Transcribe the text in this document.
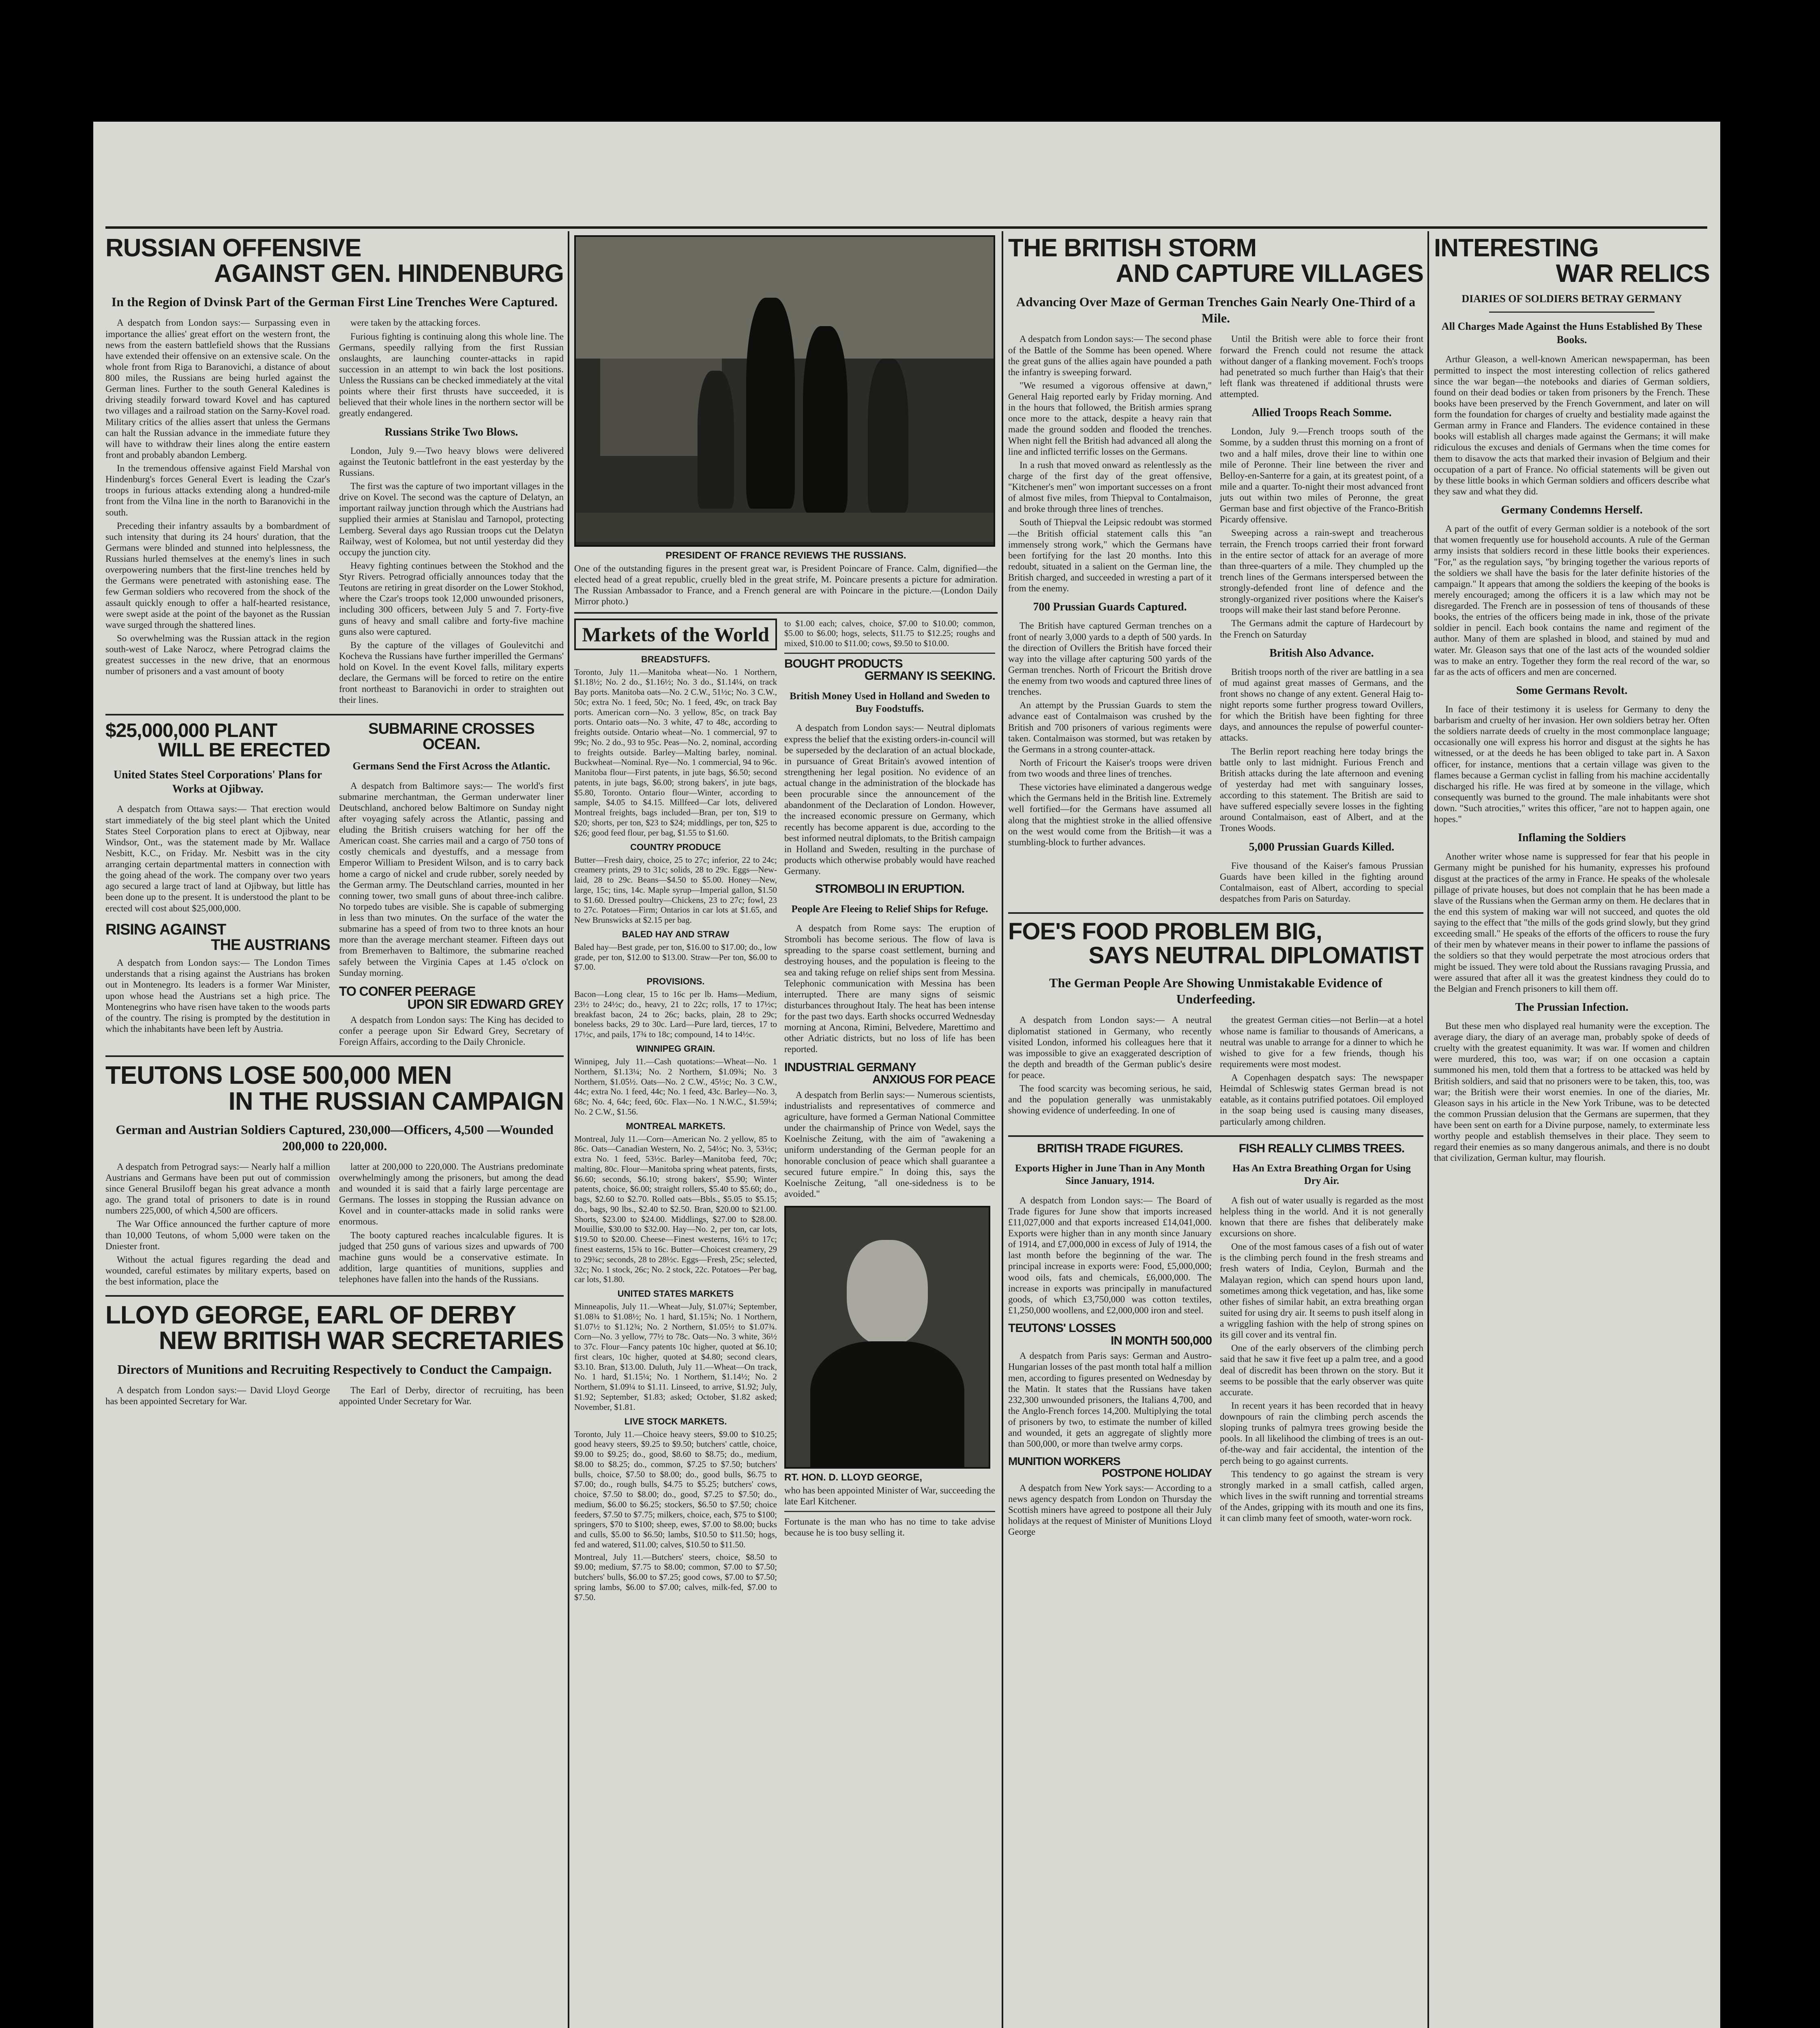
RUSSIAN OFFENSIVE
AGAINST GEN. HINDENBURG
In the Region of Dvinsk Part of the German First Line Trenches Were Captured.

A despatch from London says:— Surpassing even in importance the allies' great effort on the western front, the news from the eastern battlefield shows that the Russians have extended their offensive on an extensive scale. On the whole front from Riga to Baranovichi, a distance of about 800 miles, the Russians are being hurled against the German lines. Further to the south General Kaledines is driving steadily forward toward Kovel and has captured two villages and a railroad station on the Sarny-Kovel road. Military critics of the allies assert that unless the Germans can halt the Russian advance in the immediate future they will have to withdraw their lines along the entire eastern front and probably abandon Lemberg.

In the tremendous offensive against Field Marshal von Hindenburg's forces General Evert is leading the Czar's troops in furious attacks extending along a hundred-mile front from the Vilna line in the north to Baranovichi in the south.

Preceding their infantry assaults by a bombardment of such intensity that during its 24 hours' duration, that the Germans were blinded and stunned into helplessness, the Russians hurled themselves at the enemy's lines in such overpowering numbers that the first-line trenches held by the Germans were penetrated with astonishing ease. The few German soldiers who recovered from the shock of the assault quickly enough to offer a half-hearted resistance, were swept aside at the point of the bayonet as the Russian wave surged through the shattered lines.

So overwhelming was the Russian attack in the region south-west of Lake Narocz, where Petrograd claims the greatest successes in the new drive, that an enormous number of prisoners and a vast amount of booty

were taken by the attacking forces.

Furious fighting is continuing along this whole line. The Germans, speedily rallying from the first Russian onslaughts, are launching counter-attacks in rapid succession in an attempt to win back the lost positions. Unless the Russians can be checked immediately at the vital points where their first thrusts have succeeded, it is believed that their whole lines in the northern sector will be greatly endangered.

Russians Strike Two Blows.

London, July 9.—Two heavy blows were delivered against the Teutonic battlefront in the east yesterday by the Russians.

The first was the capture of two important villages in the drive on Kovel. The second was the capture of Delatyn, an important railway junction through which the Austrians had supplied their armies at Stanislau and Tarnopol, protecting Lemberg. Several days ago Russian troops cut the Delatyn Railway, west of Kolomea, but not until yesterday did they occupy the junction city.

Heavy fighting continues between the Stokhod and the Styr Rivers. Petrograd officially announces today that the Teutons are retiring in great disorder on the Lower Stokhod, where the Czar's troops took 12,000 unwounded prisoners, including 300 officers, between July 5 and 7. Forty-five guns of heavy and small calibre and forty-five machine guns also were captured.

By the capture of the villages of Goulevitchi and Kocheva the Russians have further imperilled the Germans' hold on Kovel. In the event Kovel falls, military experts declare, the Germans will be forced to retire on the entire front northeast to Baranovichi in order to straighten out their lines.

$25,000,000 PLANT
WILL BE ERECTED
United States Steel Corporations' Plans for Works at Ojibway.

A despatch from Ottawa says:— That erection would start immediately of the big steel plant which the United States Steel Corporation plans to erect at Ojibway, near Windsor, Ont., was the statement made by Mr. Wallace Nesbitt, K.C., on Friday. Mr. Nesbitt was in the city arranging certain departmental matters in connection with the going ahead of the work. The company over two years ago secured a large tract of land at Ojibway, but little has been done up to the present. It is understood the plant to be erected will cost about $25,000,000.

RISING AGAINST
THE AUSTRIANS

A despatch from London says:— The London Times understands that a rising against the Austrians has broken out in Montenegro. Its leaders is a former War Minister, upon whose head the Austrians set a high price. The Montenegrins who have risen have taken to the woods parts of the country. The rising is prompted by the destitution in which the inhabitants have been left by Austria.

SUBMARINE CROSSES OCEAN.
Germans Send the First Across the Atlantic.

A despatch from Baltimore says:— The world's first submarine merchantman, the German underwater liner Deutschland, anchored below Baltimore on Sunday night after voyaging safely across the Atlantic, passing and eluding the British cruisers watching for her off the American coast. She carries mail and a cargo of 750 tons of costly chemicals and dyestuffs, and a message from Emperor William to President Wilson, and is to carry back home a cargo of nickel and crude rubber, sorely needed by the German army. The Deutschland carries, mounted in her conning tower, two small guns of about three-inch calibre. No torpedo tubes are visible. She is capable of submerging in less than two minutes. On the surface of the water the submarine has a speed of from two to three knots an hour more than the average merchant steamer. Fifteen days out from Bremerhaven to Baltimore, the submarine reached safely between the Virginia Capes at 1.45 o'clock on Sunday morning.

TO CONFER PEERAGE
UPON SIR EDWARD GREY

A despatch from London says: The King has decided to confer a peerage upon Sir Edward Grey, Secretary of Foreign Affairs, according to the Daily Chronicle.

TEUTONS LOSE 500,000 MEN
IN THE RUSSIAN CAMPAIGN
German and Austrian Soldiers Captured, 230,000—Officers, 4,500 —Wounded 200,000 to 220,000.

A despatch from Petrograd says:— Nearly half a million Austrians and Germans have been put out of commission since General Brusiloff began his great advance a month ago. The grand total of prisoners to date is in round numbers 225,000, of which 4,500 are officers.

The War Office announced the further capture of more than 10,000 Teutons, of whom 5,000 were taken on the Dniester front.

Without the actual figures regarding the dead and wounded, careful estimates by military experts, based on the best information, place the

latter at 200,000 to 220,000. The Austrians predominate overwhelmingly among the prisoners, but among the dead and wounded it is said that a fairly large percentage are Germans. The losses in stopping the Russian advance on Kovel and in counter-attacks made in solid ranks were enormous.

The booty captured reaches incalculable figures. It is judged that 250 guns of various sizes and upwards of 700 machine guns would be a conservative estimate. In addition, large quantities of munitions, supplies and telephones have fallen into the hands of the Russians.

LLOYD GEORGE, EARL OF DERBY
NEW BRITISH WAR SECRETARIES
Directors of Munitions and Recruiting Respectively to Conduct the Campaign.

A despatch from London says:— David Lloyd George has been appointed Secretary for War.

The Earl of Derby, director of recruiting, has been appointed Under Secretary for War.

PRESIDENT OF FRANCE REVIEWS THE RUSSIANS.
One of the outstanding figures in the present great war, is President Poincare of France. Calm, dignified—the elected head of a great republic, cruelly bled in the great strife, M. Poincare presents a picture for admiration. The Russian Ambassador to France, and a French general are with Poincare in the picture.—(London Daily Mirror photo.)
Markets of the World
BREADSTUFFS.
Toronto, July 11.—Manitoba wheat—No. 1 Northern, $1.18½; No. 2 do., $1.16½; No. 3 do., $1.14¼, on track Bay ports. Manitoba oats—No. 2 C.W., 51½c; No. 3 C.W., 50c; extra No. 1 feed, 50c; No. 1 feed, 49c, on track Bay ports. American corn—No. 3 yellow, 85c, on track Bay ports. Ontario oats—No. 3 white, 47 to 48c, according to freights outside. Ontario wheat—No. 1 commercial, 97 to 99c; No. 2 do., 93 to 95c. Peas—No. 2, nominal, according to freights outside. Barley—Malting barley, nominal. Buckwheat—Nominal. Rye—No. 1 commercial, 94 to 96c. Manitoba flour—First patents, in jute bags, $6.50; second patents, in jute bags, $6.00; strong bakers', in jute bags, $5.80, Toronto. Ontario flour—Winter, according to sample, $4.05 to $4.15. Millfeed—Car lots, delivered Montreal freights, bags included—Bran, per ton, $19 to $20; shorts, per ton, $23 to $24; middlings, per ton, $25 to $26; good feed flour, per bag, $1.55 to $1.60.
COUNTRY PRODUCE
Butter—Fresh dairy, choice, 25 to 27c; inferior, 22 to 24c; creamery prints, 29 to 31c; solids, 28 to 29c. Eggs—New-laid, 28 to 29c. Beans—$4.50 to $5.00. Honey—New, large, 15c; tins, 14c. Maple syrup—Imperial gallon, $1.50 to $1.60. Dressed poultry—Chickens, 23 to 27c; fowl, 23 to 27c. Potatoes—Firm; Ontarios in car lots at $1.65, and New Brunswicks at $2.15 per bag.
BALED HAY AND STRAW
Baled hay—Best grade, per ton, $16.00 to $17.00; do., low grade, per ton, $12.00 to $13.00. Straw—Per ton, $6.00 to $7.00.
PROVISIONS.
Bacon—Long clear, 15 to 16c per lb. Hams—Medium, 23½ to 24½c; do., heavy, 21 to 22c; rolls, 17 to 17½c; breakfast bacon, 24 to 26c; backs, plain, 28 to 29c; boneless backs, 29 to 30c. Lard—Pure lard, tierces, 17 to 17½c, and pails, 17¾ to 18c; compound, 14 to 14½c.
WINNIPEG GRAIN.
Winnipeg, July 11.—Cash quotations:—Wheat—No. 1 Northern, $1.13¼; No. 2 Northern, $1.09¾; No. 3 Northern, $1.05½. Oats—No. 2 C.W., 45½c; No. 3 C.W., 44c; extra No. 1 feed, 44c; No. 1 feed, 43c. Barley—No. 3, 68c; No. 4, 64c; feed, 60c. Flax—No. 1 N.W.C., $1.59¼; No. 2 C.W., $1.56.
MONTREAL MARKETS.
Montreal, July 11.—Corn—American No. 2 yellow, 85 to 86c. Oats—Canadian Western, No. 2, 54½c; No. 3, 53½c; extra No. 1 feed, 53½c. Barley—Manitoba feed, 70c; malting, 80c. Flour—Manitoba spring wheat patents, firsts, $6.60; seconds, $6.10; strong bakers', $5.90; Winter patents, choice, $6.00; straight rollers, $5.40 to $5.60; do., bags, $2.60 to $2.70. Rolled oats—Bbls., $5.05 to $5.15; do., bags, 90 lbs., $2.40 to $2.50. Bran, $20.00 to $21.00. Shorts, $23.00 to $24.00. Middlings, $27.00 to $28.00. Mouillie, $30.00 to $32.00. Hay—No. 2, per ton, car lots, $19.50 to $20.00. Cheese—Finest westerns, 16½ to 17c; finest easterns, 15¾ to 16c. Butter—Choicest creamery, 29 to 29¾c; seconds, 28 to 28½c. Eggs—Fresh, 25c; selected, 32c; No. 1 stock, 26c; No. 2 stock, 22c. Potatoes—Per bag, car lots, $1.80.
UNITED STATES MARKETS
Minneapolis, July 11.—Wheat—July, $1.07¼; September, $1.08¾ to $1.08½; No. 1 hard, $1.15¾; No. 1 Northern, $1.07½ to $1.12¾; No. 2 Northern, $1.05½ to $1.07¾. Corn—No. 3 yellow, 77½ to 78c. Oats—No. 3 white, 36½ to 37c. Flour—Fancy patents 10c higher, quoted at $6.10; first clears, 10c higher, quoted at $4.80; second clears, $3.10. Bran, $13.00. Duluth, July 11.—Wheat—On track, No. 1 hard, $1.15¼; No. 1 Northern, $1.14½; No. 2 Northern, $1.09¼ to $1.11. Linseed, to arrive, $1.92; July, $1.92; September, $1.83; asked; October, $1.82 asked; November, $1.81.
LIVE STOCK MARKETS.
Toronto, July 11.—Choice heavy steers, $9.00 to $10.25; good heavy steers, $9.25 to $9.50; butchers' cattle, choice, $9.00 to $9.25; do., good, $8.60 to $8.75; do., medium, $8.00 to $8.25; do., common, $7.25 to $7.50; butchers' bulls, choice, $7.50 to $8.00; do., good bulls, $6.75 to $7.00; do., rough bulls, $4.75 to $5.25; butchers' cows, choice, $7.50 to $8.00; do., good, $7.25 to $7.50; do., medium, $6.00 to $6.25; stockers, $6.50 to $7.50; choice feeders, $7.50 to $7.75; milkers, choice, each, $75 to $100; springers, $70 to $100; sheep, ewes, $7.00 to $8.00; bucks and culls, $5.00 to $6.50; lambs, $10.50 to $11.50; hogs, fed and watered, $11.00; calves, $10.50 to $11.50.
Montreal, July 11.—Butchers' steers, choice, $8.50 to $9.00; medium, $7.75 to $8.00; common, $7.00 to $7.50; butchers' bulls, $6.00 to $7.25; good cows, $7.00 to $7.50; spring lambs, $6.00 to $7.00; calves, milk-fed, $7.00 to $7.50.
to $1.00 each; calves, choice, $7.00 to $10.00; common, $5.00 to $6.00; hogs, selects, $11.75 to $12.25; roughs and mixed, $10.00 to $11.00; cows, $9.50 to $10.00.
BOUGHT PRODUCTS
GERMANY IS SEEKING.
British Money Used in Holland and Sweden to Buy Foodstuffs.

A despatch from London says:— Neutral diplomats express the belief that the existing orders-in-council will be superseded by the declaration of an actual blockade, in pursuance of Great Britain's avowed intention of strengthening her legal position. No evidence of an actual change in the administration of the blockade has been procurable since the announcement of the abandonment of the Declaration of London. However, the increased economic pressure on Germany, which recently has become apparent is due, according to the best informed neutral diplomats, to the British campaign in Holland and Sweden, resulting in the purchase of products which otherwise probably would have reached Germany.

STROMBOLI IN ERUPTION.
People Are Fleeing to Relief Ships for Refuge.

A despatch from Rome says: The eruption of Stromboli has become serious. The flow of lava is spreading to the sparse coast settlement, burning and destroying houses, and the population is fleeing to the sea and taking refuge on relief ships sent from Messina. Telephonic communication with Messina has been interrupted. There are many signs of seismic disturbances throughout Italy. The heat has been intense for the past two days. Earth shocks occurred Wednesday morning at Ancona, Rimini, Belvedere, Marettimo and other Adriatic districts, but no loss of life has been reported.

INDUSTRIAL GERMANY
ANXIOUS FOR PEACE

A despatch from Berlin says:— Numerous scientists, industrialists and representatives of commerce and agriculture, have formed a German National Committee under the chairmanship of Prince von Wedel, says the Koelnische Zeitung, with the aim of "awakening a uniform understanding of the German people for an honorable conclusion of peace which shall guarantee a secured future empire." In doing this, says the Koelnische Zeitung, "all one-sidedness is to be avoided."

RT. HON. D. LLOYD GEORGE,
who has been appointed Minister of War, succeeding the late Earl Kitchener.
Fortunate is the man who has no time to take advise because he is too busy selling it.
THE BRITISH STORM
AND CAPTURE VILLAGES
Advancing Over Maze of German Trenches Gain Nearly One-Third of a Mile.

A despatch from London says:— The second phase of the Battle of the Somme has been opened. Where the great guns of the allies again have pounded a path the infantry is sweeping forward.

"We resumed a vigorous offensive at dawn," General Haig reported early by Friday morning. And in the hours that followed, the British armies sprang once more to the attack, despite a heavy rain that made the ground sodden and flooded the trenches. When night fell the British had advanced all along the line and inflicted terrific losses on the Germans.

In a rush that moved onward as relentlessly as the charge of the first day of the great offensive, "Kitchener's men" won important successes on a front of almost five miles, from Thiepval to Contalmaison, and broke through three lines of trenches.

South of Thiepval the Leipsic redoubt was stormed—the British official statement calls this "an immensely strong work," which the Germans have been fortifying for the last 20 months. Into this redoubt, situated in a salient on the German line, the British charged, and succeeded in wresting a part of it from the enemy.

700 Prussian Guards Captured.

The British have captured German trenches on a front of nearly 3,000 yards to a depth of 500 yards. In the direction of Ovillers the British have forced their way into the village after capturing 500 yards of the German trenches. North of Fricourt the British drove the enemy from two woods and captured three lines of trenches.

An attempt by the Prussian Guards to stem the advance east of Contalmaison was crushed by the British and 700 prisoners of various regiments were taken. Contalmaison was stormed, but was retaken by the Germans in a strong counter-attack.

North of Fricourt the Kaiser's troops were driven from two woods and three lines of trenches.

These victories have eliminated a dangerous wedge which the Germans held in the British line. Extremely well fortified—for the Germans have assumed all along that the mightiest stroke in the allied offensive on the west would come from the British—it was a stumbling-block to further advances.

Until the British were able to force their front forward the French could not resume the attack without danger of a flanking movement. Foch's troops had penetrated so much further than Haig's that their left flank was threatened if additional thrusts were attempted.

Allied Troops Reach Somme.

London, July 9.—French troops south of the Somme, by a sudden thrust this morning on a front of two and a half miles, drove their line to within one mile of Peronne. Their line between the river and Belloy-en-Santerre for a gain, at its greatest point, of a mile and a quarter. To-night their most advanced front juts out within two miles of Peronne, the great German base and first objective of the Franco-British Picardy offensive.

Sweeping across a rain-swept and treacherous terrain, the French troops carried their front forward in the entire sector of attack for an average of more than three-quarters of a mile. They chumpled up the trench lines of the Germans interspersed between the strongly-defended front line of defence and the strongly-organized river positions where the Kaiser's troops will make their last stand before Peronne.

The Germans admit the capture of Hardecourt by the French on Saturday

British Also Advance.

British troops north of the river are battling in a sea of mud against great masses of Germans, and the front shows no change of any extent. General Haig to-night reports some further progress toward Ovillers, for which the British have been fighting for three days, and announces the repulse of powerful counter-attacks.

The Berlin report reaching here today brings the battle only to last midnight. Furious French and British attacks during the late afternoon and evening of yesterday had met with sanguinary losses, according to this statement. The British are said to have suffered especially severe losses in the fighting around Contalmaison, east of Albert, and at the Trones Woods.

5,000 Prussian Guards Killed.

Five thousand of the Kaiser's famous Prussian Guards have been killed in the fighting around Contalmaison, east of Albert, according to special despatches from Paris on Saturday.

FOE'S FOOD PROBLEM BIG,
SAYS NEUTRAL DIPLOMATIST
The German People Are Showing Unmistakable Evidence of Underfeeding.

A despatch from London says:— A neutral diplomatist stationed in Germany, who recently visited London, informed his colleagues here that it was impossible to give an exaggerated description of the depth and breadth of the German public's desire for peace.

The food scarcity was becoming serious, he said, and the population generally was unmistakably showing evidence of underfeeding. In one of

the greatest German cities—not Berlin—at a hotel whose name is familiar to thousands of Americans, a neutral was unable to arrange for a dinner to which he wished to give for a few friends, though his requirements were most modest.

A Copenhagen despatch says: The newspaper Heimdal of Schleswig states German bread is not eatable, as it contains putrified potatoes. Oil employed in the soap being used is causing many diseases, particularly among children.

BRITISH TRADE FIGURES.
Exports Higher in June Than in Any Month Since January, 1914.

A despatch from London says:— The Board of Trade figures for June show that imports increased £11,027,000 and that exports increased £14,041,000. Exports were higher than in any month since January of 1914, and £7,000,000 in excess of July of 1914, the last month before the beginning of the war. The principal increase in exports were: Food, £5,000,000; wood oils, fats and chemicals, £6,000,000. The increase in exports was principally in manufactured goods, of which £3,750,000 was cotton textiles, £1,250,000 woollens, and £2,000,000 iron and steel.

TEUTONS' LOSSES
IN MONTH 500,000

A despatch from Paris says: German and Austro-Hungarian losses of the past month total half a million men, according to figures presented on Wednesday by the Matin. It states that the Russians have taken 232,300 unwounded prisoners, the Italians 4,700, and the Anglo-French forces 14,200. Multiplying the total of prisoners by two, to estimate the number of killed and wounded, it gets an aggregate of slightly more than 500,000, or more than twelve army corps.

MUNITION WORKERS
POSTPONE HOLIDAY

A despatch from New York says:— According to a news agency despatch from London on Thursday the Scottish miners have agreed to postpone all their July holidays at the request of Minister of Munitions Lloyd George

FISH REALLY CLIMBS TREES.
Has An Extra Breathing Organ for Using Dry Air.

A fish out of water usually is regarded as the most helpless thing in the world. And it is not generally known that there are fishes that deliberately make excursions on shore.

One of the most famous cases of a fish out of water is the climbing perch found in the fresh streams and fresh waters of India, Ceylon, Burmah and the Malayan region, which can spend hours upon land, sometimes among thick vegetation, and has, like some other fishes of similar habit, an extra breathing organ suited for using dry air. It seems to push itself along in a wriggling fashion with the help of strong spines on its gill cover and its ventral fin.

One of the early observers of the climbing perch said that he saw it five feet up a palm tree, and a good deal of discredit has been thrown on the story. But it seems to be possible that the early observer was quite accurate.

In recent years it has been recorded that in heavy downpours of rain the climbing perch ascends the sloping trunks of palmyra trees growing beside the pools. In all likelihood the climbing of trees is an out-of-the-way and fair accidental, the intention of the perch being to go against currents.

This tendency to go against the stream is very strongly marked in a small catfish, called argen, which lives in the swift running and torrential streams of the Andes, gripping with its mouth and one its fins, it can climb many feet of smooth, water-worn rock.

INTERESTING
WAR RELICS
DIARIES OF SOLDIERS BETRAY GERMANY
All Charges Made Against the Huns Established By These Books.

Arthur Gleason, a well-known American newspaperman, has been permitted to inspect the most interesting collection of relics gathered since the war began—the notebooks and diaries of German soldiers, found on their dead bodies or taken from prisoners by the French. These books have been preserved by the French Government, and later on will form the foundation for charges of cruelty and bestiality made against the German army in France and Flanders. The evidence contained in these books will establish all charges made against the Germans; it will make ridiculous the excuses and denials of Germans when the time comes for them to disavow the acts that marked their invasion of Belgium and their occupation of a part of France. No official statements will be given out by these little books in which German soldiers and officers describe what they saw and what they did.

Germany Condemns Herself.

A part of the outfit of every German soldier is a notebook of the sort that women frequently use for household accounts. A rule of the German army insists that soldiers record in these little books their experiences. "For," as the regulation says, "by bringing together the various reports of the soldiers we shall have the basis for the later definite histories of the campaign." It appears that among the soldiers the keeping of the books is merely encouraged; among the officers it is a law which may not be disregarded. The French are in possession of tens of thousands of these books, the entries of the officers being made in ink, those of the private soldier in pencil. Each book contains the name and regiment of the author. Many of them are splashed in blood, and stained by mud and water. Mr. Gleason says that one of the last acts of the wounded soldier was to make an entry. Together they form the real record of the war, so far as the acts of officers and men are concerned.

Some Germans Revolt.

In face of their testimony it is useless for Germany to deny the barbarism and cruelty of her invasion. Her own soldiers betray her. Often the soldiers narrate deeds of cruelty in the most commonplace language; occasionally one will express his horror and disgust at the sights he has witnessed, or at the deeds he has been obliged to take part in. A Saxon officer, for instance, mentions that a certain village was given to the flames because a German cyclist in falling from his machine accidentally discharged his rifle. He was fired at by someone in the village, which consequently was burned to the ground. The male inhabitants were shot down. "Such atrocities," writes this officer, "are not to happen again, one hopes."

Inflaming the Soldiers

Another writer whose name is suppressed for fear that his people in Germany might be punished for his humanity, expresses his profound disgust at the practices of the army in France. He speaks of the wholesale pillage of private houses, but does not complain that he has been made a slave of the Russians when the German army on them. He declares that in the end this system of making war will not succeed, and quotes the old saying to the effect that "the mills of the gods grind slowly, but they grind exceeding small." He speaks of the efforts of the officers to rouse the fury of their men by whatever means in their power to inflame the passions of the soldiers so that they would perpetrate the most atrocious orders that might be issued. They were told about the Russians ravaging Prussia, and were assured that after all it was the greatest kindness they could do to the Belgian and French prisoners to kill them off.

The Prussian Infection.

But these men who displayed real humanity were the exception. The average diary, the diary of an average man, probably spoke of deeds of cruelty with the greatest equanimity. It was war. If women and children were murdered, this too, was war; if on one occasion a captain summoned his men, told them that a fortress to be attacked was held by British soldiers, and said that no prisoners were to be taken, this, too, was war; the British were their worst enemies. In one of the diaries, Mr. Gleason says in his article in the New York Tribune, was to be detected the common Prussian delusion that the Germans are supermen, that they have been sent on earth for a Divine purpose, namely, to exterminate less worthy people and establish themselves in their place. They seem to regard their enemies as so many dangerous animals, and there is no doubt that civilization, German kultur, may flourish.
